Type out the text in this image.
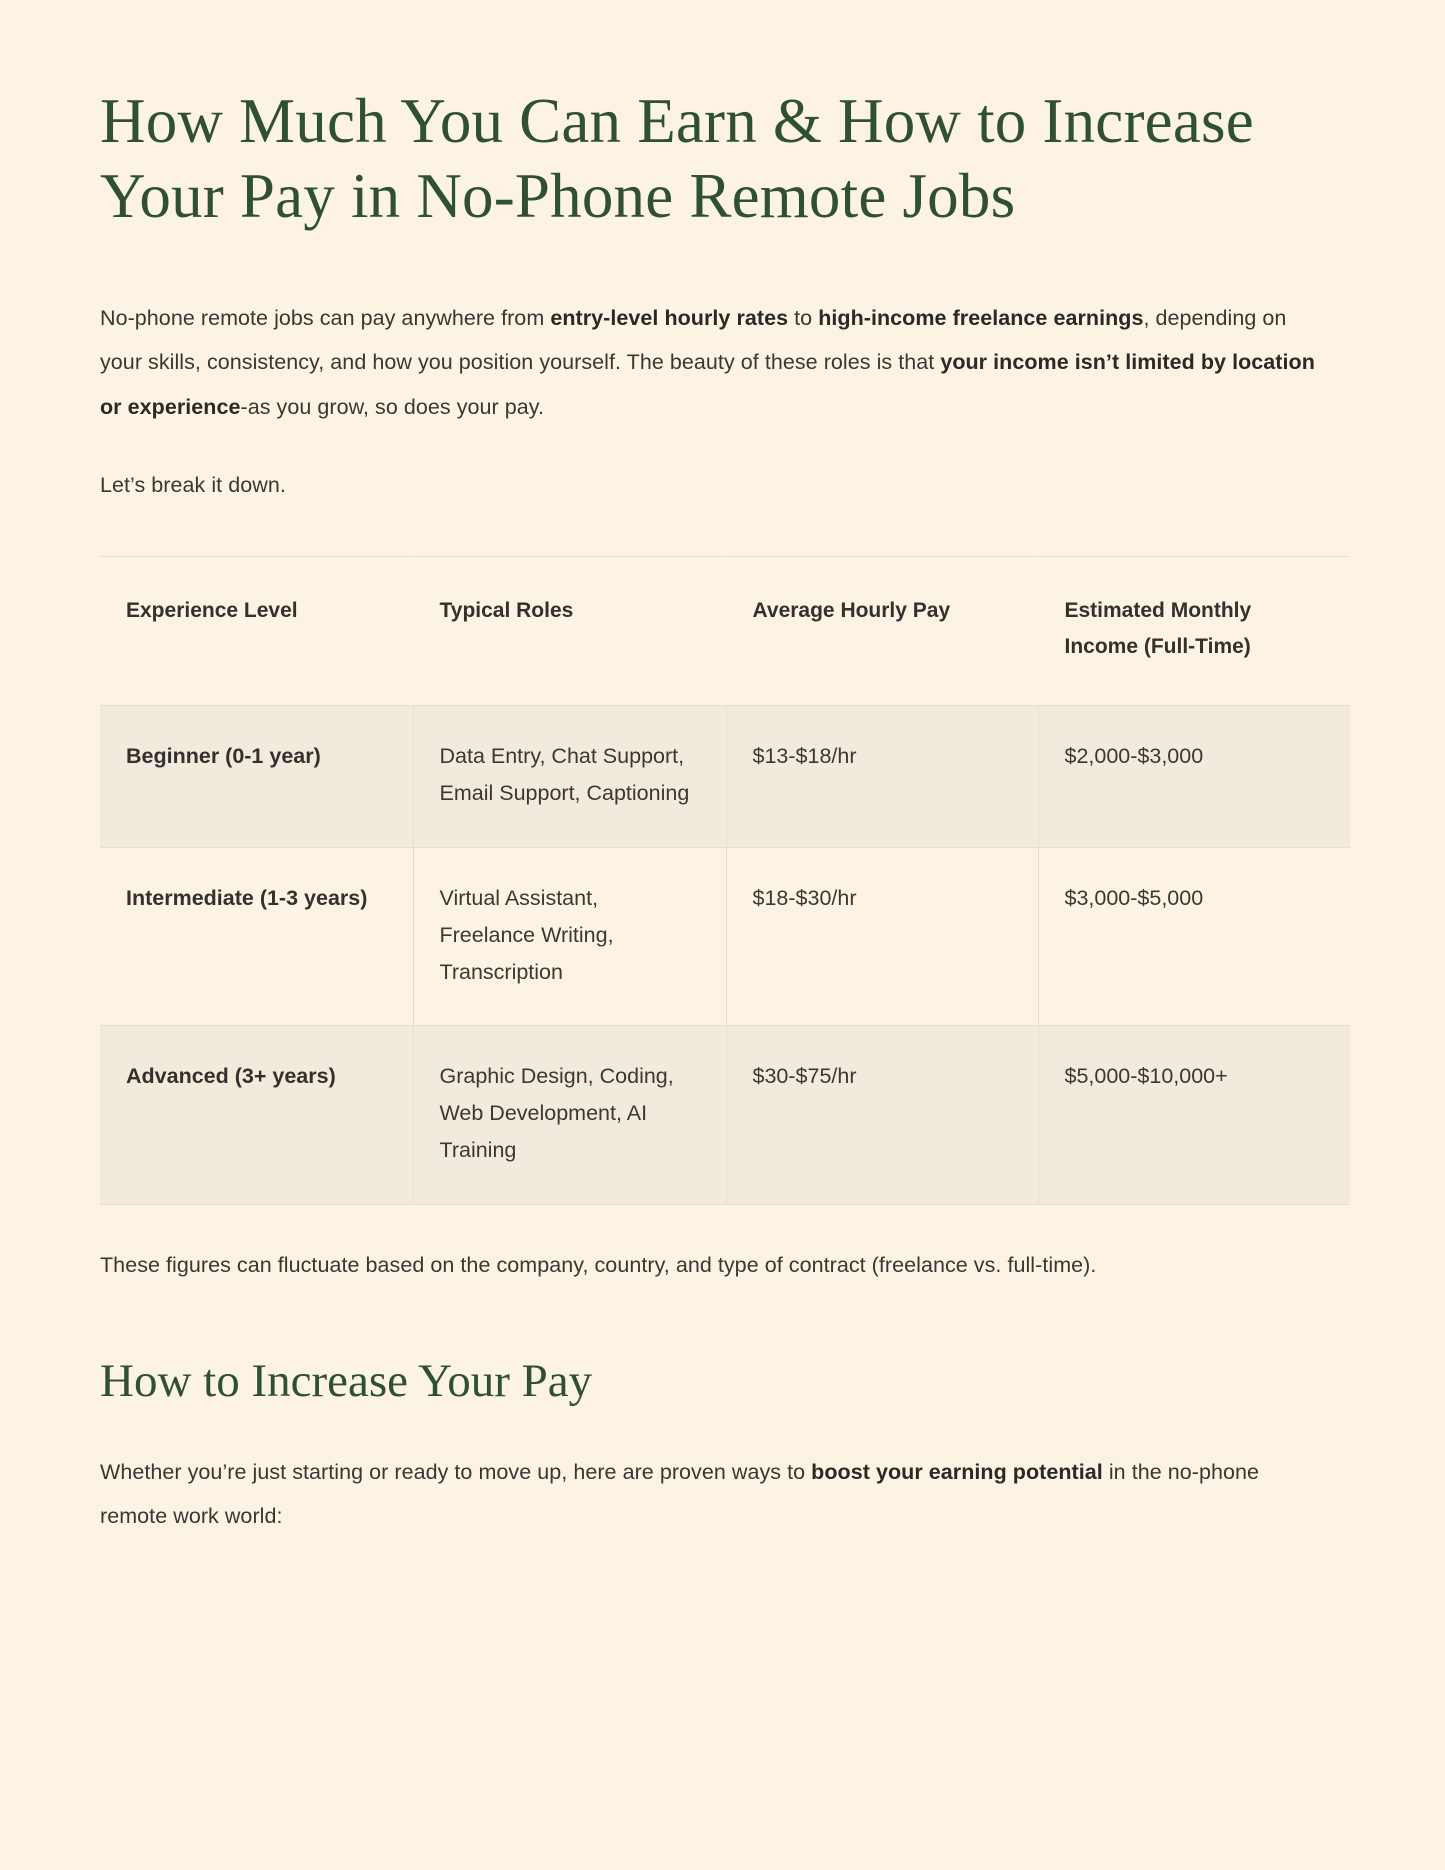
How Much You Can Earn & How to Increase Your Pay in No-Phone Remote Jobs

No-phone remote jobs can pay anywhere from entry-level hourly rates to high-income freelance earnings, depending on your skills, consistency, and how you position yourself. The beauty of these roles is that your income isn’t limited by location or experience-as you grow, so does your pay.

Let’s break it down.

Experience Level	Typical Roles	Average Hourly Pay	Estimated Monthly Income (Full-Time)
Beginner (0-1 year)	Data Entry, Chat Support, Email Support, Captioning	$13-$18/hr	$2,000-$3,000
Intermediate (1-3 years)	Virtual Assistant, Freelance Writing, Transcription	$18-$30/hr	$3,000-$5,000
Advanced (3+ years)	Graphic Design, Coding, Web Development, AI Training	$30-$75/hr	$5,000-$10,000+

These figures can fluctuate based on the company, country, and type of contract (freelance vs. full-time).

How to Increase Your Pay

Whether you’re just starting or ready to move up, here are proven ways to boost your earning potential in the no-phone remote work world:
